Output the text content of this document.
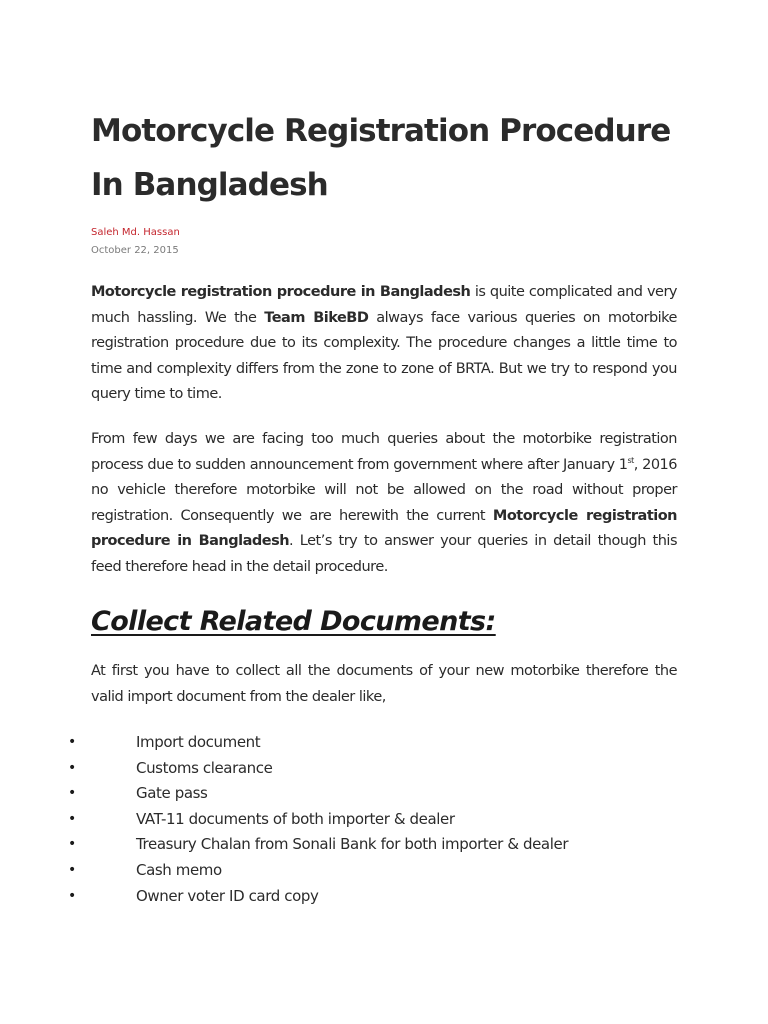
Motorcycle Registration Procedure In Bangladesh

Saleh Md. Hassan

October 22, 2015

Motorcycle registration procedure in Bangladesh is quite complicated and very much hassling. We the Team BikeBD always face various queries on motorbike registration procedure due to its complexity. The procedure changes a little time to time and complexity differs from the zone to zone of BRTA. But we try to respond you query time to time.

From few days we are facing too much queries about the motorbike registration process due to sudden announcement from government where after January 1st, 2016 no vehicle therefore motorbike will not be allowed on the road without proper registration. Consequently we are herewith the current Motorcycle registration procedure in Bangladesh. Let’s try to answer your queries in detail though this feed therefore head in the detail procedure.

Collect Related Documents:

At first you have to collect all the documents of your new motorbike therefore the valid import document from the dealer like,

•	Import document
•	Customs clearance
•	Gate pass
•	VAT-11 documents of both importer & dealer
•	Treasury Chalan from Sonali Bank for both importer & dealer
•	Cash memo
•	Owner voter ID card copy
